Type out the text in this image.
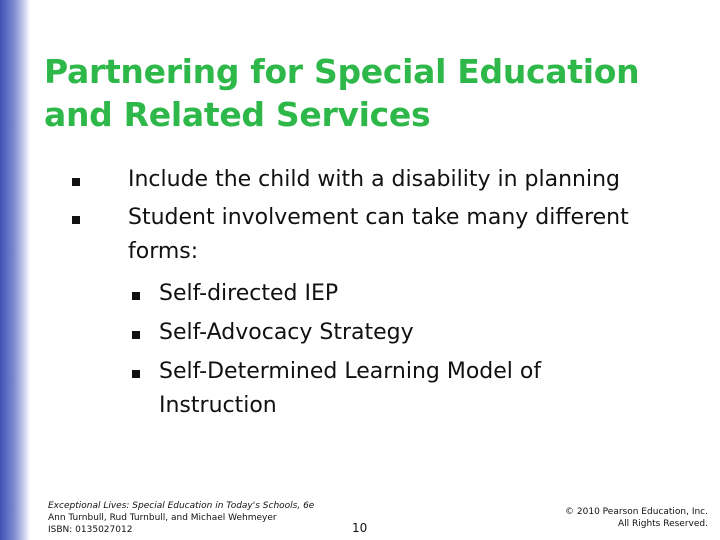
Partnering for Special Education
and Related Services
Include the child with a disability in planning
Student involvement can take many different
forms:
Self-directed IEP
Self-Advocacy Strategy
Self-Determined Learning Model of
Instruction
Exceptional Lives: Special Education in Today's Schools, 6e
Ann Turnbull, Rud Turnbull, and Michael Wehmeyer
ISBN: 0135027012	10
© 2010 Pearson Education, Inc.
All Rights Reserved.
